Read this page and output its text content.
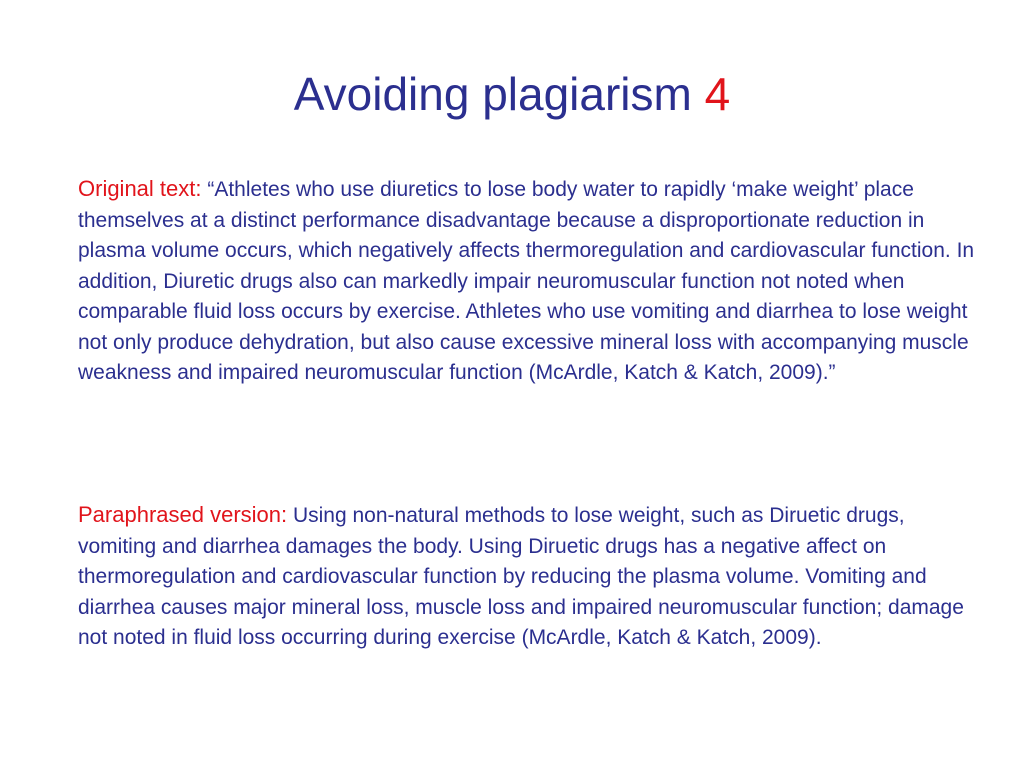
Avoiding plagiarism 4
Original text: “Athletes who use diuretics to lose body water to rapidly ‘make weight’ place themselves at a distinct performance disadvantage because a disproportionate reduction in plasma volume occurs, which negatively affects thermoregulation and cardiovascular function. In addition, Diuretic drugs also can markedly impair neuromuscular function not noted when comparable fluid loss occurs by exercise. Athletes who use vomiting and diarrhea to lose weight not only produce dehydration, but also cause excessive mineral loss with accompanying muscle weakness and impaired neuromuscular function (McArdle, Katch & Katch, 2009).”
Paraphrased version: Using non-natural methods to lose weight, such as Diruetic drugs, vomiting and diarrhea damages the body. Using Diruetic drugs has a negative affect on thermoregulation and cardiovascular function by reducing the plasma volume. Vomiting and diarrhea causes major mineral loss, muscle loss and impaired neuromuscular function; damage not noted in fluid loss occurring during exercise (McArdle, Katch & Katch, 2009).
